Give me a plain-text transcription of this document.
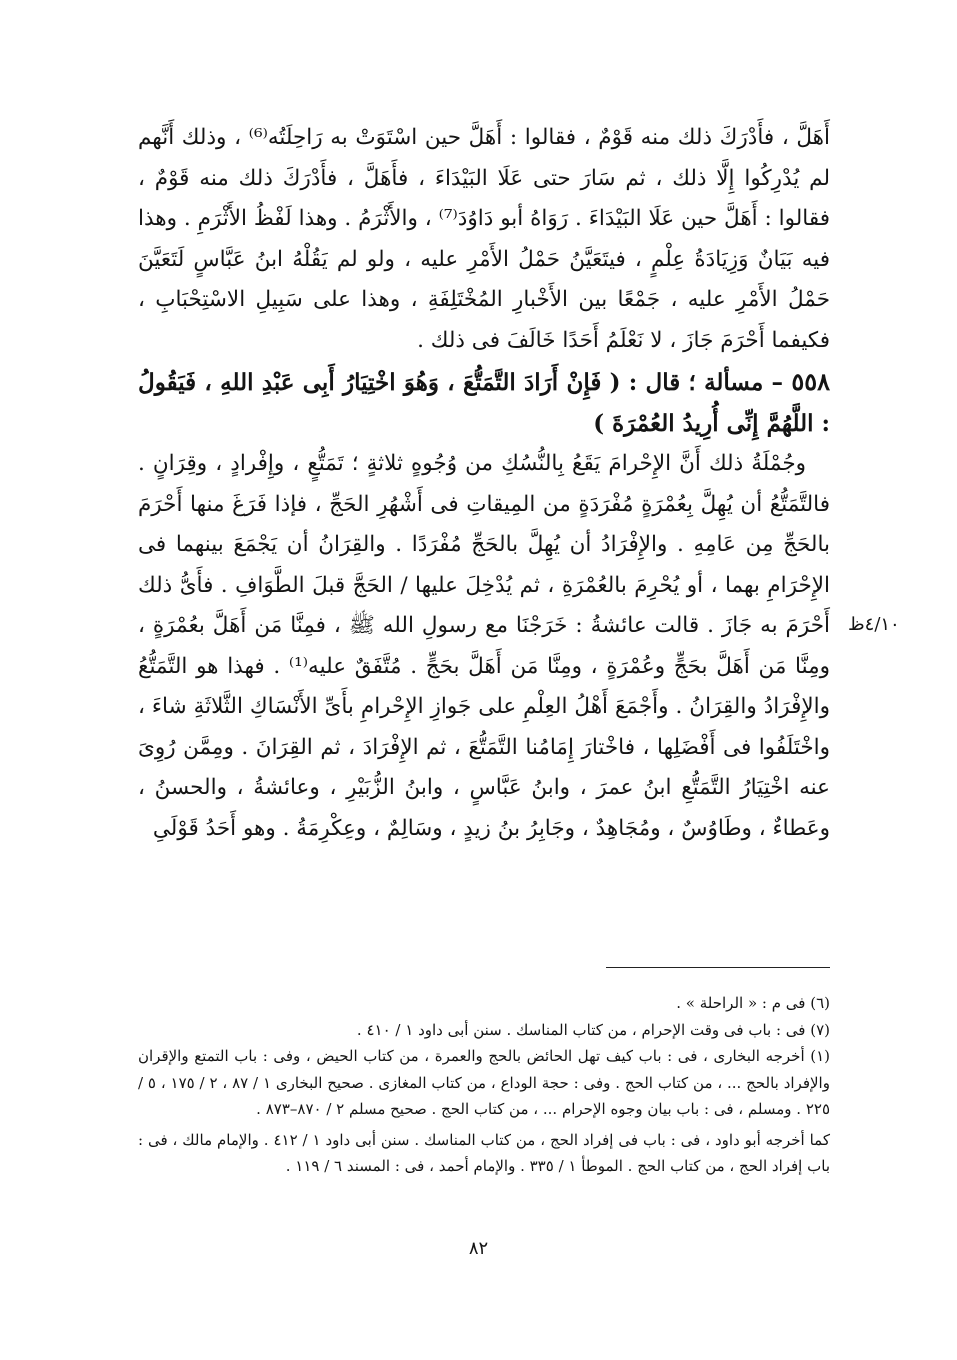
أَهَلَّ ، فأَدْرَكَ ذلك منه قَوْمٌ ، فقالوا : أَهَلَّ حين اسْتَوَتْ به رَاحِلَتُه⁽⁶⁾ ، وذلك أَنَّهم لم يُدْرِكُوا إِلَّا ذلك ، ثم سَارَ حتى عَلَا البَيْدَاءَ ، فأَهَلَّ ، فأَدْرَكَ ذلك منه قَوْمٌ ، فقالوا : أَهَلَّ حين عَلَا البَيْدَاءَ . رَوَاهُ أبو دَاوُدَ⁽⁷⁾ ، والأَثْرَمُ . وهذا لَفْظُ الأَثْرَمِ . وهذا فيه بَيَانٌ وَزِيَادَةُ عِلْمٍ ، فيتَعَيَّنُ حَمْلُ الأَمْرِ عليه ، ولو لم يَقُلْهُ ابنُ عَبَّاسٍ لَتَعَيَّنَ حَمْلُ الأَمْرِ عليه ، جَمْعًا بين الأَخْبارِ المُخْتَلِفَةِ ، وهذا على سَبِيلِ الاسْتِحْبَابِ ، فكيفما أَحْرَمَ جَازَ ، لا نَعْلَمُ أَحَدًا خَالَفَ فى ذلك .

٥٥٨ – مسألة ؛ قال : ( فَإِنْ أَرَادَ التَّمَتُّعَ ، وَهُوَ اخْتِيَارُ أَبِى عَبْدِ اللهِ ، فَيَقُولُ : اللَّهُمَّ إِنِّى أُرِيدُ العُمْرَةَ )

وجُمْلَةُ ذلك أَنَّ الإِحْرامَ يَقَعُ بِالنُّسُكِ من وُجُوهٍ ثلاثةٍ ؛ تَمَتُّعٍ ، وإِفْرادٍ ، وقِرَانٍ . فالتَّمَتُّعُ أن يُهِلَّ بِعُمْرَةٍ مُفْرَدَةٍ من المِيقاتِ فى أَشْهُرِ الحَجِّ ، فإذا فَرَغَ منها أَحْرَمَ بالحَجِّ مِن عَامِهِ . والإِفْرَادُ أن يُهِلَّ بالحَجِّ مُفْرَدًا . والقِرَانُ أن يَجْمَعَ بينهما فى الإِحْرَامِ بهما ، أو يُحْرِمَ بالعُمْرَةِ ، ثم يُدْخِلَ عليها / الحَجَّ قبلَ الطَّوَافِ . فأَىُّ ذلك أَحْرَمَ به جَازَ . قالت عائشةُ : خَرَجْنَا مع رسولِ الله ﷺ ، فمِنَّا مَن أَهَلَّ بعُمْرَةٍ ، ومِنَّا مَن أَهَلَّ بحَجٍّ وعُمْرَةٍ ، ومِنَّا مَن أَهَلَّ بحَجٍّ . مُتَّفَقٌ عليه⁽¹⁾ . فهذا هو التَّمَتُّعُ والإِفْرَادُ والقِرَانُ . وأَجْمَعَ أَهْلُ العِلْمِ على جَوازِ الإِحْرامِ بأَىِّ الأَنْسَاكِ الثَّلاثَةِ شاءَ ، واخْتَلَفُوا فى أَفْضَلِها ، فاخْتارَ إِمَامُنا التَّمَتُّعَ ، ثم الإِفْرَادَ ، ثم القِرَانَ . ومِمَّن رُوِىَ عنه اخْتِيَارُ التَّمَتُّعِ ابنُ عمرَ ، وابنُ عَبَّاسٍ ، وابنُ الزُّبَيْرِ ، وعائشةُ ، والحسنُ ، وعَطاءٌ ، وطَاوُسٌ ، ومُجَاهِدٌ ، وجَابِرُ بنُ زيدٍ ، وسَالِمٌ ، وعِكْرِمَةُ . وهو أَحَدُ قَوْلَىِ

٤/١٠ظ

(٦) فى م : « الراحلة » .

(٧) فى : باب فى وقت الإحرام ، من كتاب المناسك . سنن أبى داود ١ / ٤١٠ .

(١) أخرجه البخارى ، فى : باب كيف تهل الحائض بالحج والعمرة ، من كتاب الحيض ، وفى : باب التمتع والإقران والإفراد بالحج ... ، من كتاب الحج . وفى : حجة الوداع ، من كتاب المغازى . صحيح البخارى ١ / ٨٧ ، ٢ / ١٧٥ ، ٥ / ٢٢٥ . ومسلم ، فى : باب بيان وجوه الإحرام ... ، من كتاب الحج . صحيح مسلم ٢ / ٨٧٠–٨٧٣ .

كما أخرجه أبو داود ، فى : باب فى إفراد الحج ، من كتاب المناسك . سنن أبى داود ١ / ٤١٢ . والإمام مالك ، فى : باب إفراد الحج ، من كتاب الحج . الموطأ ١ / ٣٣٥ . والإمام أحمد ، فى : المسند ٦ / ١١٩ .

٨٢
